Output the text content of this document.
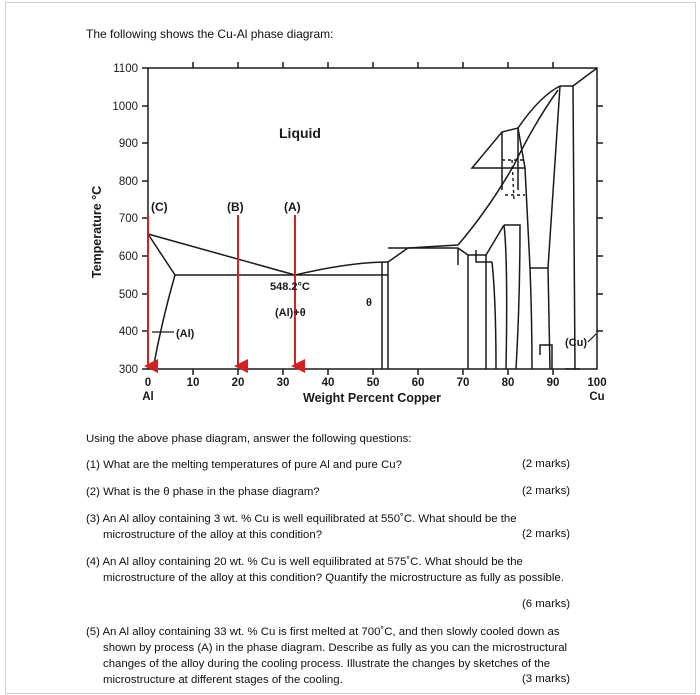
The following shows the Cu-Al phase diagram:
1100
1000
900
800
700
600
500
400
300
0	10	20	30	40	50	60	70	80	90 100
Al	Cu
Weight Percent Copper
Temperature °C
Liquid
(C)	(B)	(A)
548.2°C
(Al)+θ
θ
(Al)
(Cu)
Using the above phase diagram, answer the following questions:
(1) What are the melting temperatures of pure Al and pure Cu?	(2 marks)
(2) What is the θ phase in the phase diagram?	(2 marks)
(3) An Al alloy containing 3 wt. % Cu is well equilibrated at 550˚C. What should be the
microstructure of the alloy at this condition?	(2 marks)
(4) An Al alloy containing 20 wt. % Cu is well equilibrated at 575˚C. What should be the
microstructure of the alloy at this condition? Quantify the microstructure as fully as possible.
(6 marks)
(5) An Al alloy containing 33 wt. % Cu is first melted at 700˚C, and then slowly cooled down as
shown by process (A) in the phase diagram. Describe as fully as you can the microstructural
changes of the alloy during the cooling process. Illustrate the changes by sketches of the
microstructure at different stages of the cooling.	(3 marks)
